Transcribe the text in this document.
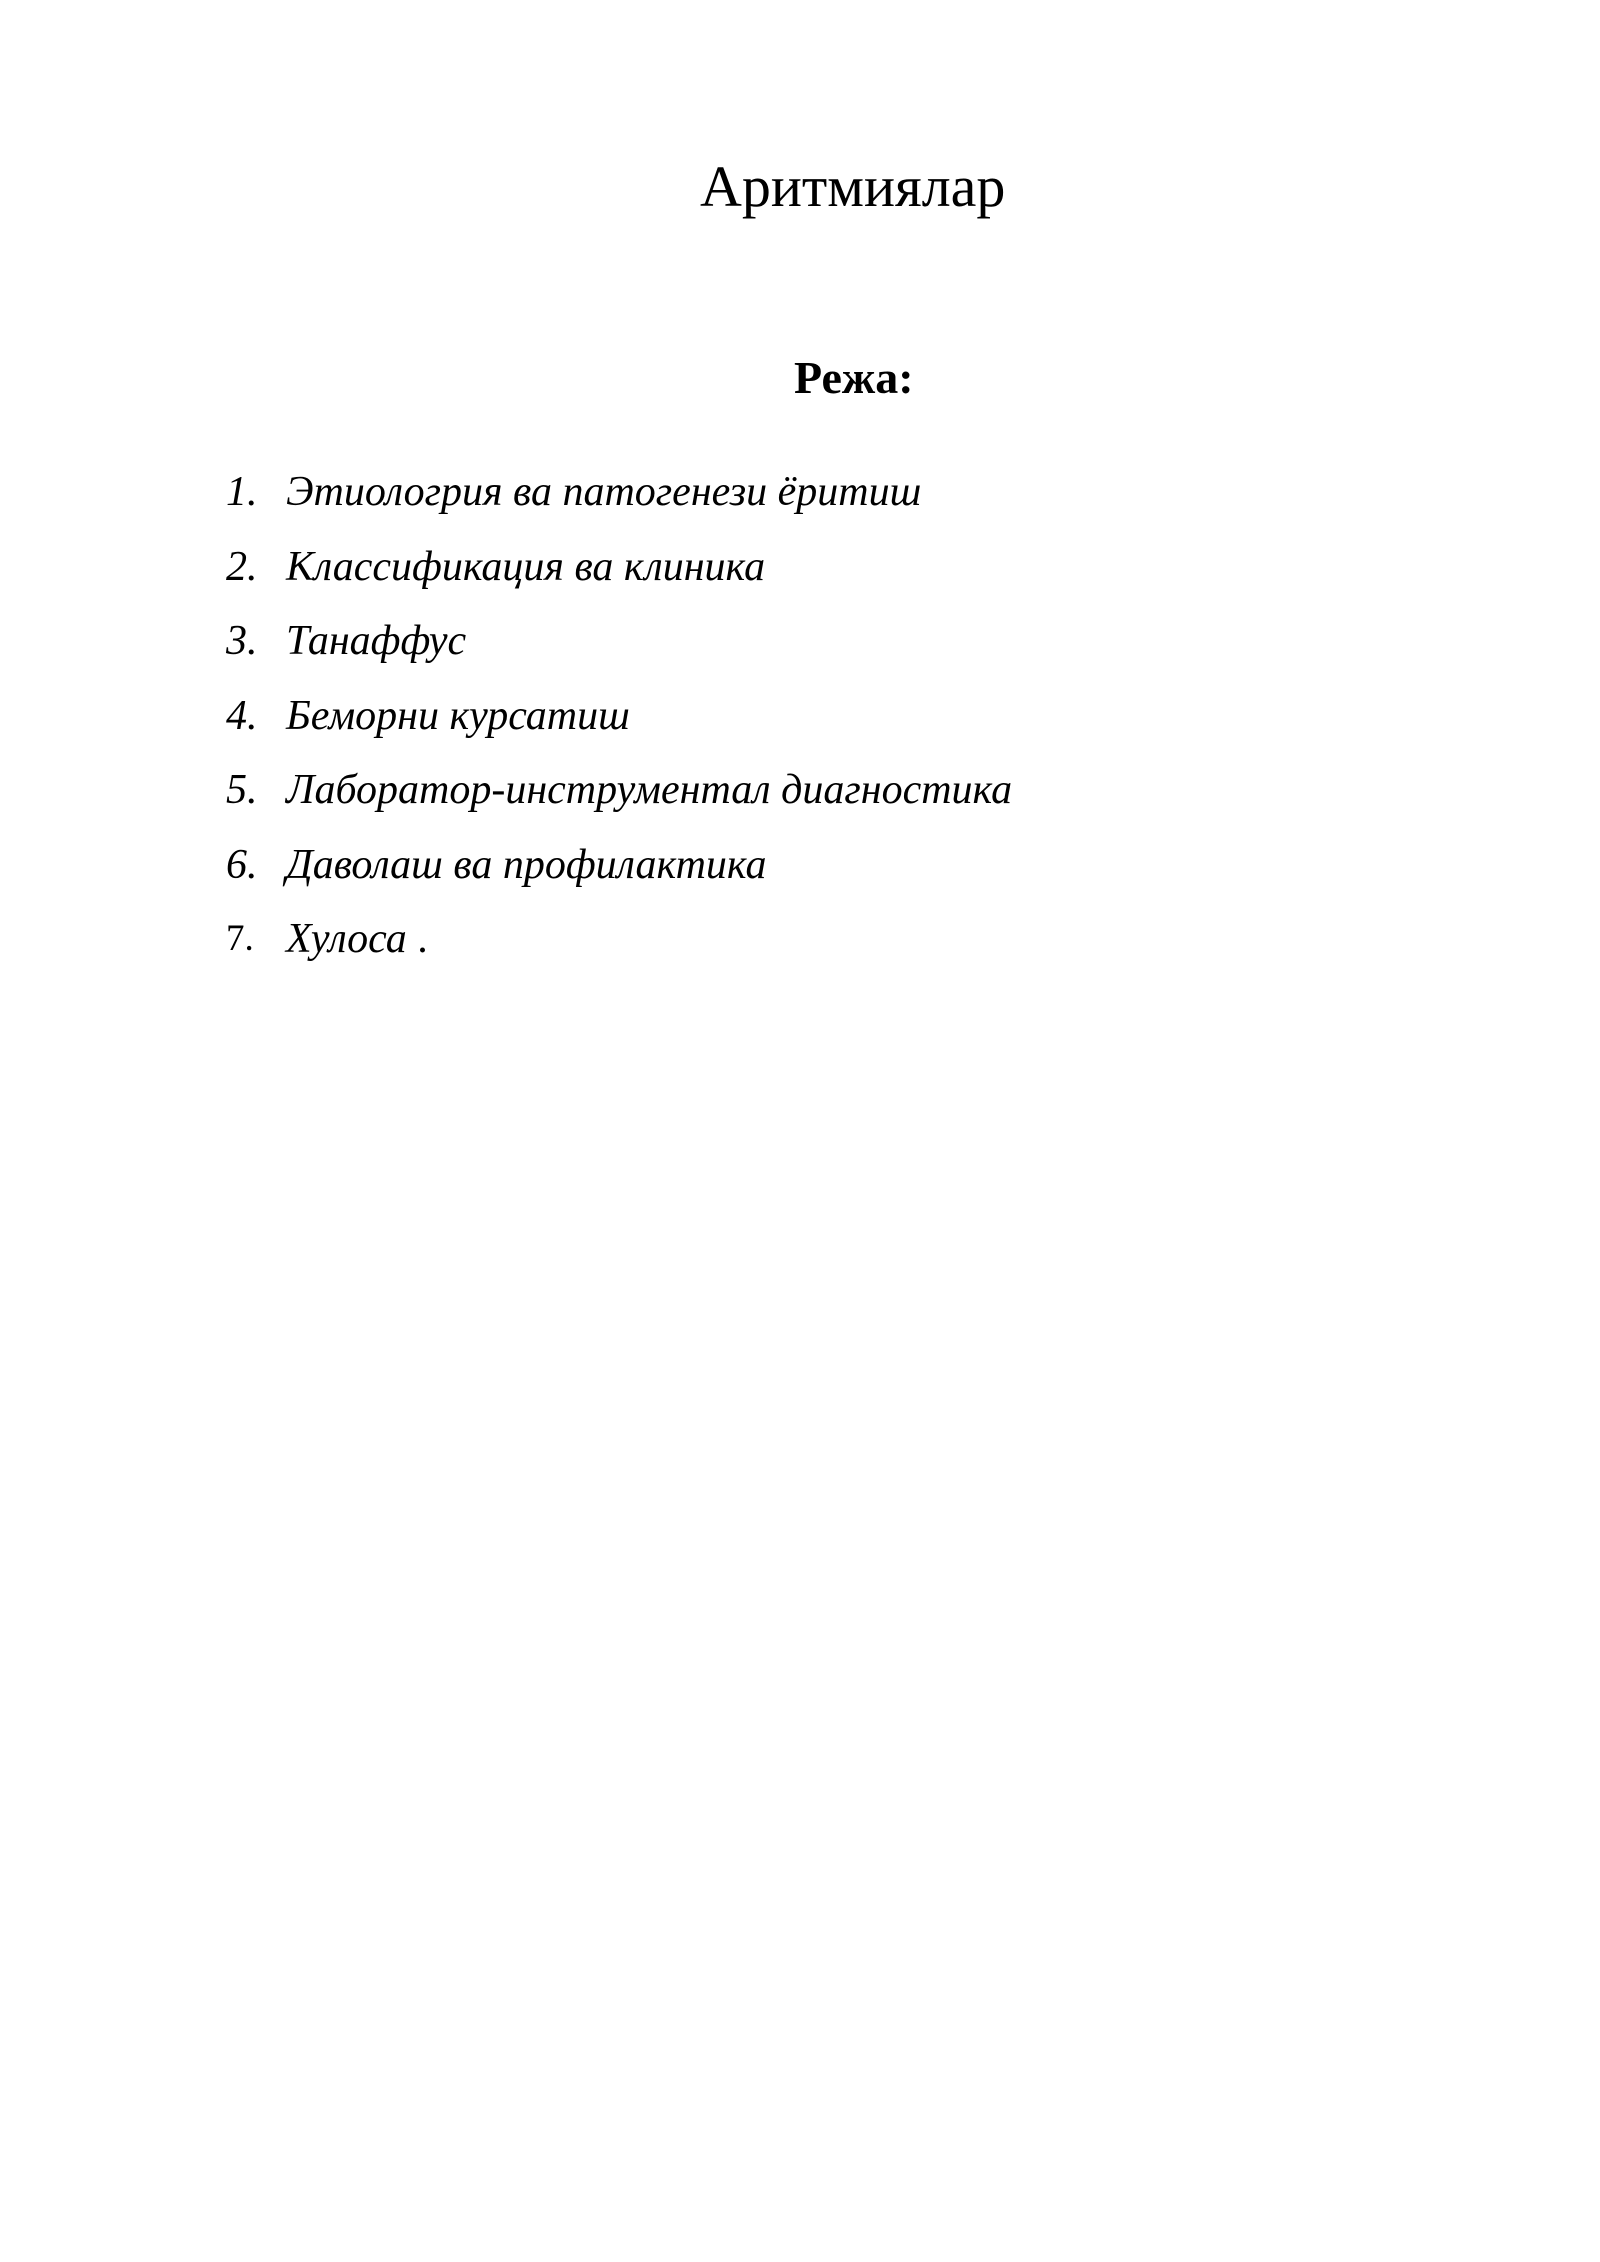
Аритмиялар
Режа:
1. Этиологрия ва патогенези ёритиш
2. Классификация ва клиника
3. Танаффус
4. Беморни курсатиш
5. Лаборатор-инструментал диагностика
6. Даволаш ва профилактика
7. Хулоса .
